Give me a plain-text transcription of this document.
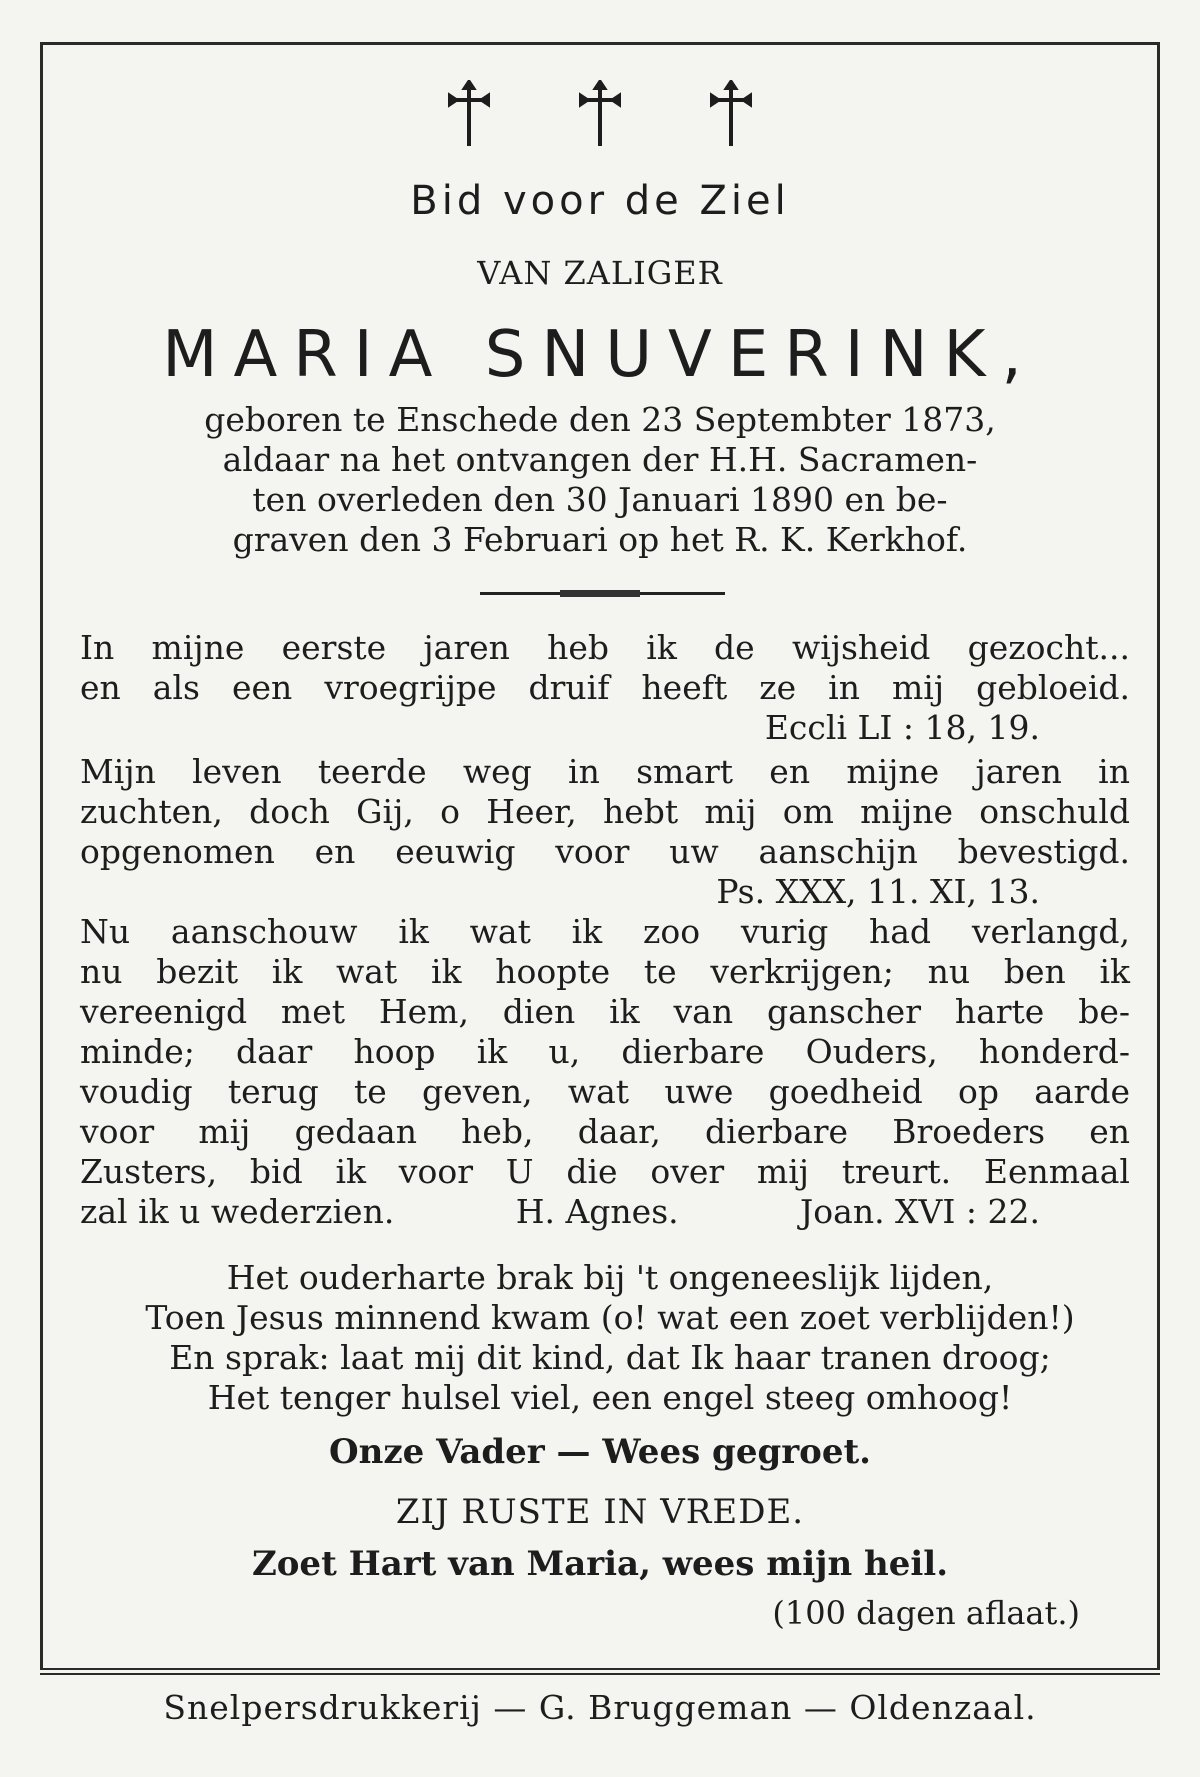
Bid voor de Ziel
VAN ZALIGER
MARIA SNUVERINK,
geboren te Enschede den 23 Septembter 1873,
aldaar na het ontvangen der H.H. Sacramen-
ten overleden den 30 Januari 1890 en be-
graven den 3 Februari op het R. K. Kerkhof.
In mijne eerste jaren heb ik de wijsheid gezocht...
en als een vroegrijpe druif heeft ze in mij gebloeid.
Eccli LI : 18, 19.
Mijn leven teerde weg in smart en mijne jaren in
zuchten, doch Gij, o Heer, hebt mij om mijne onschuld
opgenomen en eeuwig voor uw aanschijn bevestigd.
Ps. XXX, 11. XI, 13.
Nu aanschouw ik wat ik zoo vurig had verlangd,
nu bezit ik wat ik hoopte te verkrijgen; nu ben ik
vereenigd met Hem, dien ik van ganscher harte be-
minde; daar hoop ik u, dierbare Ouders, honderd-
voudig terug te geven, wat uwe goedheid op aarde
voor mij gedaan heb, daar, dierbare Broeders en
Zusters, bid ik voor U die over mij treurt. Eenmaal
zal ik u wederzien.	H. Agnes.	Joan. XVI : 22.
Het ouderharte brak bij 't ongeneeslijk lijden,
Toen Jesus minnend kwam (o! wat een zoet verblijden!)
En sprak: laat mij dit kind, dat Ik haar tranen droog;
Het tenger hulsel viel, een engel steeg omhoog!
Onze Vader — Wees gegroet.
ZIJ RUSTE IN VREDE.
Zoet Hart van Maria, wees mijn heil.
(100 dagen aflaat.)
Snelpersdrukkerij — G. Bruggeman — Oldenzaal.
